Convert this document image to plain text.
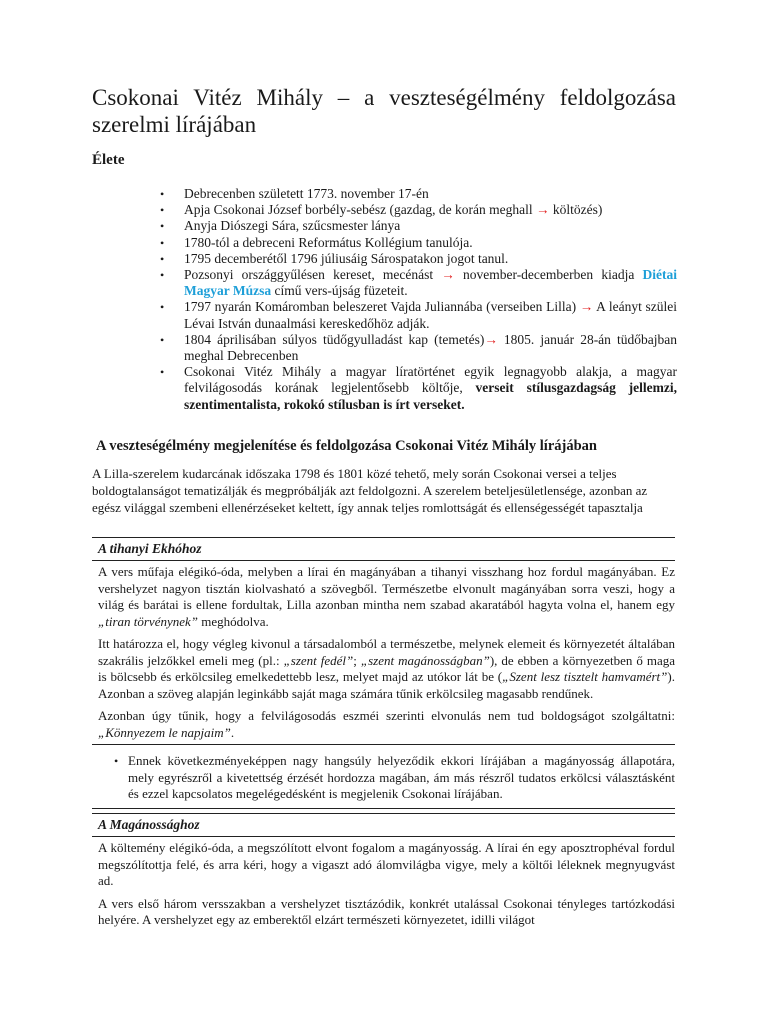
Csokonai Vitéz Mihály – a veszteségélmény feldolgozása szerelmi lírájában
Élete
• Debrecenben született 1773. november 17-én
• Apja Csokonai József borbély-sebész (gazdag, de korán meghall → költözés)
• Anyja Diószegi Sára, szűcsmester lánya
• 1780-tól a debreceni Református Kollégium tanulója.
• 1795 decemberétől 1796 júliusáig Sárospatakon jogot tanul.
• Pozsonyi országgyűlésen kereset, mecénást → november-decemberben kiadja Diétai Magyar Múzsa című vers-újság füzeteit.
• 1797 nyarán Komáromban beleszeret Vajda Juliannába (verseiben Lilla) → A leányt szülei Lévai István dunaalmási kereskedőhöz adják.
• 1804 áprilisában súlyos tüdőgyulladást kap (temetés)→ 1805. január 28-án tüdőbajban meghal Debrecenben
• Csokonai Vitéz Mihály a magyar líratörténet egyik legnagyobb alakja, a magyar felvilágosodás korának legjelentősebb költője, verseit stílusgazdagság jellemzi, szentimentalista, rokokó stílusban is írt verseket.
A veszteségélmény megjelenítése és feldolgozása Csokonai Vitéz Mihály lírájában

A Lilla-szerelem kudarcának időszaka 1798 és 1801 közé tehető, mely során Csokonai versei a teljes boldogtalanságot tematizálják és megpróbálják azt feldolgozni. A szerelem beteljesületlensége, azonban az egész világgal szembeni ellenérzéseket keltett, így annak teljes romlottságát és ellenségességét tapasztalja

A tihanyi Ekhóhoz

A vers műfaja elégikó-óda, melyben a lírai én magányában a tihanyi visszhang hoz fordul magányában. Ez vershelyzet nagyon tisztán kiolvasható a szövegből. Természetbe elvonult magányában sorra veszi, hogy a világ és barátai is ellene fordultak, Lilla azonban mintha nem szabad akaratából hagyta volna el, hanem egy „tiran törvénynek” meghódolva.

Itt határozza el, hogy végleg kivonul a társadalomból a természetbe, melynek elemeit és környezetét általában szakrális jelzőkkel emeli meg (pl.: „szent fedél”; „szent magánosságban”), de ebben a környezetben ő maga is bölcsebb és erkölcsileg emelkedettebb lesz, melyet majd az utókor lát be („Szent lesz tisztelt hamvamért”). Azonban a szöveg alapján leginkább saját maga számára tűnik erkölcsileg magasabb rendűnek.

Azonban úgy tűnik, hogy a felvilágosodás eszméi szerinti elvonulás nem tud boldogságot szolgáltatni: „Könnyezem le napjaim”.

• Ennek következményeképpen nagy hangsúly helyeződik ekkori lírájában a magányosság állapotára, mely egyrészről a kivetettség érzését hordozza magában, ám más részről tudatos erkölcsi választásként és ezzel kapcsolatos megelégedésként is megjelenik Csokonai lírájában.

A Magánossághoz

A költemény elégikó-óda, a megszólított elvont fogalom a magányosság. A lírai én egy aposztrophéval fordul megszólítottja felé, és arra kéri, hogy a vigaszt adó álomvilágba vigye, mely a költői léleknek megnyugvást ad.

A vers első három versszakban a vershelyzet tisztázódik, konkrét utalással Csokonai tényleges tartózkodási helyére. A vershelyzet egy az emberektől elzárt természeti környezetet, idilli világot
